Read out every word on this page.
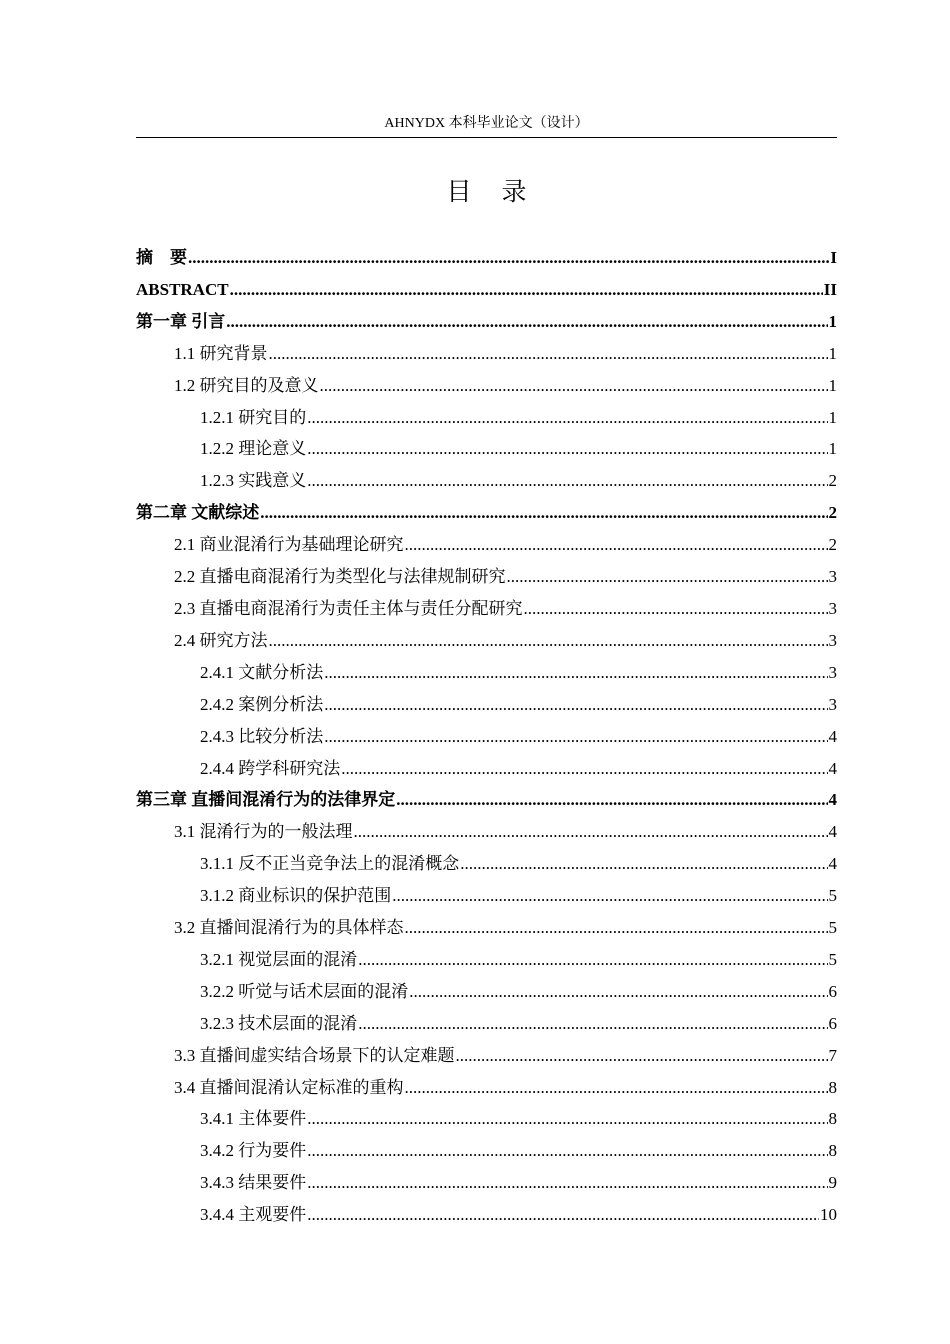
AHNYDX 本科毕业论文（设计）
目 录
摘　要 .....	I
ABSTRACT .....	II
第一章 引言 .....	1
1.1 研究背景 .....	1
1.2 研究目的及意义 .....	1
1.2.1 研究目的 .....	1
1.2.2 理论意义 .....	1
1.2.3 实践意义 .....	2
第二章 文献综述 .....	2
2.1 商业混淆行为基础理论研究 .....	2
2.2 直播电商混淆行为类型化与法律规制研究 .....	3
2.3 直播电商混淆行为责任主体与责任分配研究 .....	3
2.4 研究方法 .....	3
2.4.1 文献分析法 .....	3
2.4.2 案例分析法 .....	3
2.4.3 比较分析法 .....	4
2.4.4 跨学科研究法 .....	4
第三章 直播间混淆行为的法律界定 .....	4
3.1 混淆行为的一般法理 .....	4
3.1.1 反不正当竞争法上的混淆概念 .....	4
3.1.2 商业标识的保护范围 .....	5
3.2 直播间混淆行为的具体样态 .....	5
3.2.1 视觉层面的混淆 .....	5
3.2.2 听觉与话术层面的混淆 .....	6
3.2.3 技术层面的混淆 .....	6
3.3 直播间虚实结合场景下的认定难题 .....	7
3.4 直播间混淆认定标准的重构 .....	8
3.4.1 主体要件 .....	8
3.4.2 行为要件 .....	8
3.4.3 结果要件 .....	9
3.4.4 主观要件 .....	10
